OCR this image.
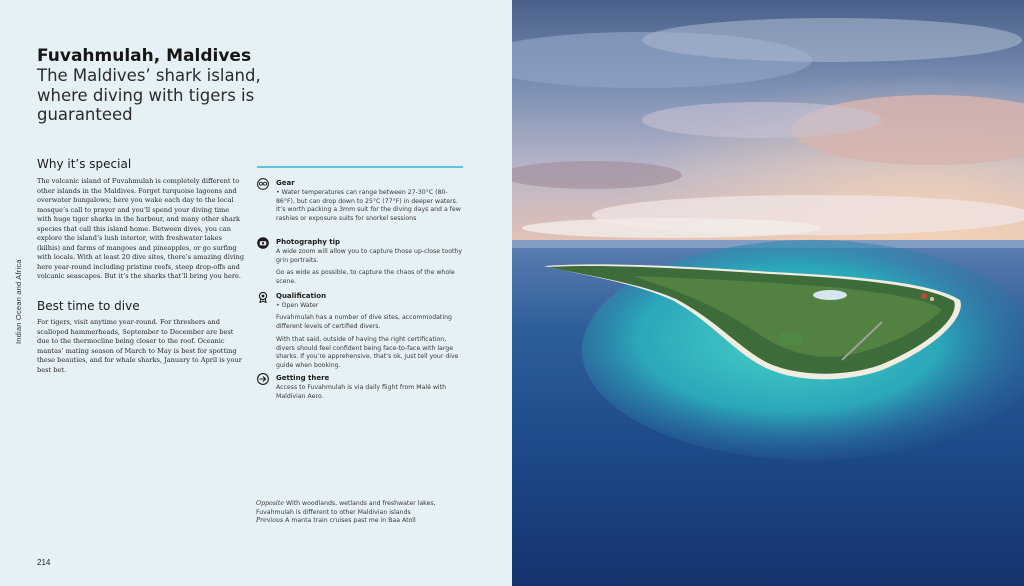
Fuvahmulah, Maldives
The Maldives’ shark island, where diving with tigers is guaranteed
Indian Ocean and Africa
Why it’s special
The volcanic island of Fuvahmulah is completely different to other islands in the Maldives. Forget turquoise lagoons and overwater bungalows; here you wake each day to the local mosque’s call to prayer and you’ll spend your diving time with huge tiger sharks in the harbour, and many other shark species that call this island home. Between dives, you can explore the island’s lush interior, with freshwater lakes (kilhis) and farms of mangoes and pineapples, or go surfing with locals. With at least 20 dive sites, there’s amazing diving here year-round including pristine reefs, steep drop-offs and volcanic seascapes. But it’s the sharks that’ll bring you here.
Best time to dive
For tigers, visit anytime year-round. For threshers and scalloped hammerheads, September to December are best due to the thermocline being closer to the roof. Oceanic mantas’ mating season of March to May is best for spotting these beauties, and for whale sharks, January to April is your best bet.
Gear
• Water temperatures can range between 27-30°C (80-86°F), but can drop down to 25°C (77°F) in deeper waters. It’s worth packing a 3mm suit for the diving days and a few rashies or exposure suits for snorkel sessions
Photography tip
A wide zoom will allow you to capture those up-close toothy grin portraits.
Go as wide as possible, to capture the chaos of the whole scene.
Qualification
• Open Water
Fuvahmulah has a number of dive sites, accommodating different levels of certified divers.
With that said, outside of having the right certification, divers should feel confident being face-to-face with large sharks. If you’re apprehensive, that’s ok, just tell your dive guide when booking.
Getting there
Access to Fuvahmulah is via daily flight from Malé with Maldivian Aero.
Opposite With woodlands, wetlands and freshwater lakes, Fuvahmulah is different to other Maldivian islands
Previous A manta train cruises past me in Baa Atoll
214
